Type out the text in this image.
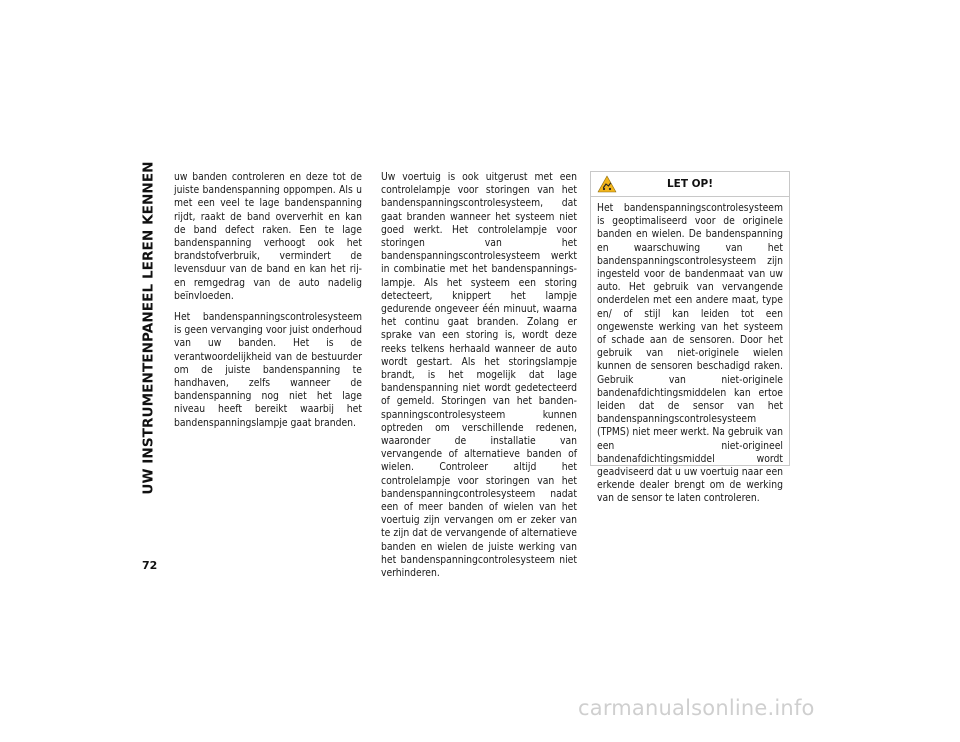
UW INSTRUMENTENPANEEL LEREN KENNEN uw banden controleren en deze tot de juiste bandenspanning oppompen. Als u met een veel te lage bandenspanning rijdt, raakt de band oververhit en kan de band defect raken. Een te lage bandenspanning verhoogt ook het brandstofverbruik, vermindert de levensduur van de band en kan het rij- en remgedrag van de auto nadelig beïnvloeden.

Het bandenspanningscontrolesysteem is geen vervanging voor juist onderhoud van uw banden. Het is de verantwoordelijkheid van de bestuurder om de juiste bandenspanning te handhaven, zelfs wanneer de bandenspanning nog niet het lage niveau heeft bereikt waarbij het bandenspanningslampje gaat branden.

Uw voertuig is ook uitgerust met een controlelampje voor storingen van het bandenspanningscontrolesysteem, dat gaat branden wanneer het systeem niet goed werkt. Het controlelampje voor storingen van het bandenspanningscontrolesysteem werkt in combinatie met het bandenspanningslampje. Als het systeem een storing detecteert, knippert het lampje gedurende ongeveer één minuut, waarna het continu gaat branden. Zolang er sprake van een storing is, wordt deze reeks telkens herhaald wanneer de auto wordt gestart. Als het storingslampje brandt, is het mogelijk dat lage bandenspanning niet wordt gedetecteerd of gemeld. Storingen van het bandenspanningscontrolesysteem kunnen optreden om verschillende redenen, waaronder de installatie van vervangende of alternatieve banden of wielen. Controleer altijd het controlelampje voor storingen van het bandenspanningcontrolesysteem nadat een of meer banden of wielen van het voertuig zijn vervangen om er zeker van te zijn dat de vervangende of alternatieve banden en wielen de juiste werking van het bandenspanningcontrolesysteem niet verhinderen.

LET OP!
Het bandenspanningscontrolesysteem is geoptimaliseerd voor de originele banden en wielen. De bandenspanning en waarschuwing van het bandenspanningscontrolesysteem zijn ingesteld voor de bandenmaat van uw auto. Het gebruik van vervangende onderdelen met een andere maat, type en/ of stijl kan leiden tot een ongewenste werking van het systeem of schade aan de sensoren. Door het gebruik van niet-originele wielen kunnen de sensoren beschadigd raken. Gebruik van niet-originele bandenafdichtingsmiddelen kan ertoe leiden dat de sensor van het bandenspanningscontrolesysteem (TPMS) niet meer werkt. Na gebruik van een niet-origineel bandenafdichtingsmiddel wordt geadviseerd dat u uw voertuig naar een erkende dealer brengt om de werking van de sensor te laten controleren.
72
carmanualsonline.info
